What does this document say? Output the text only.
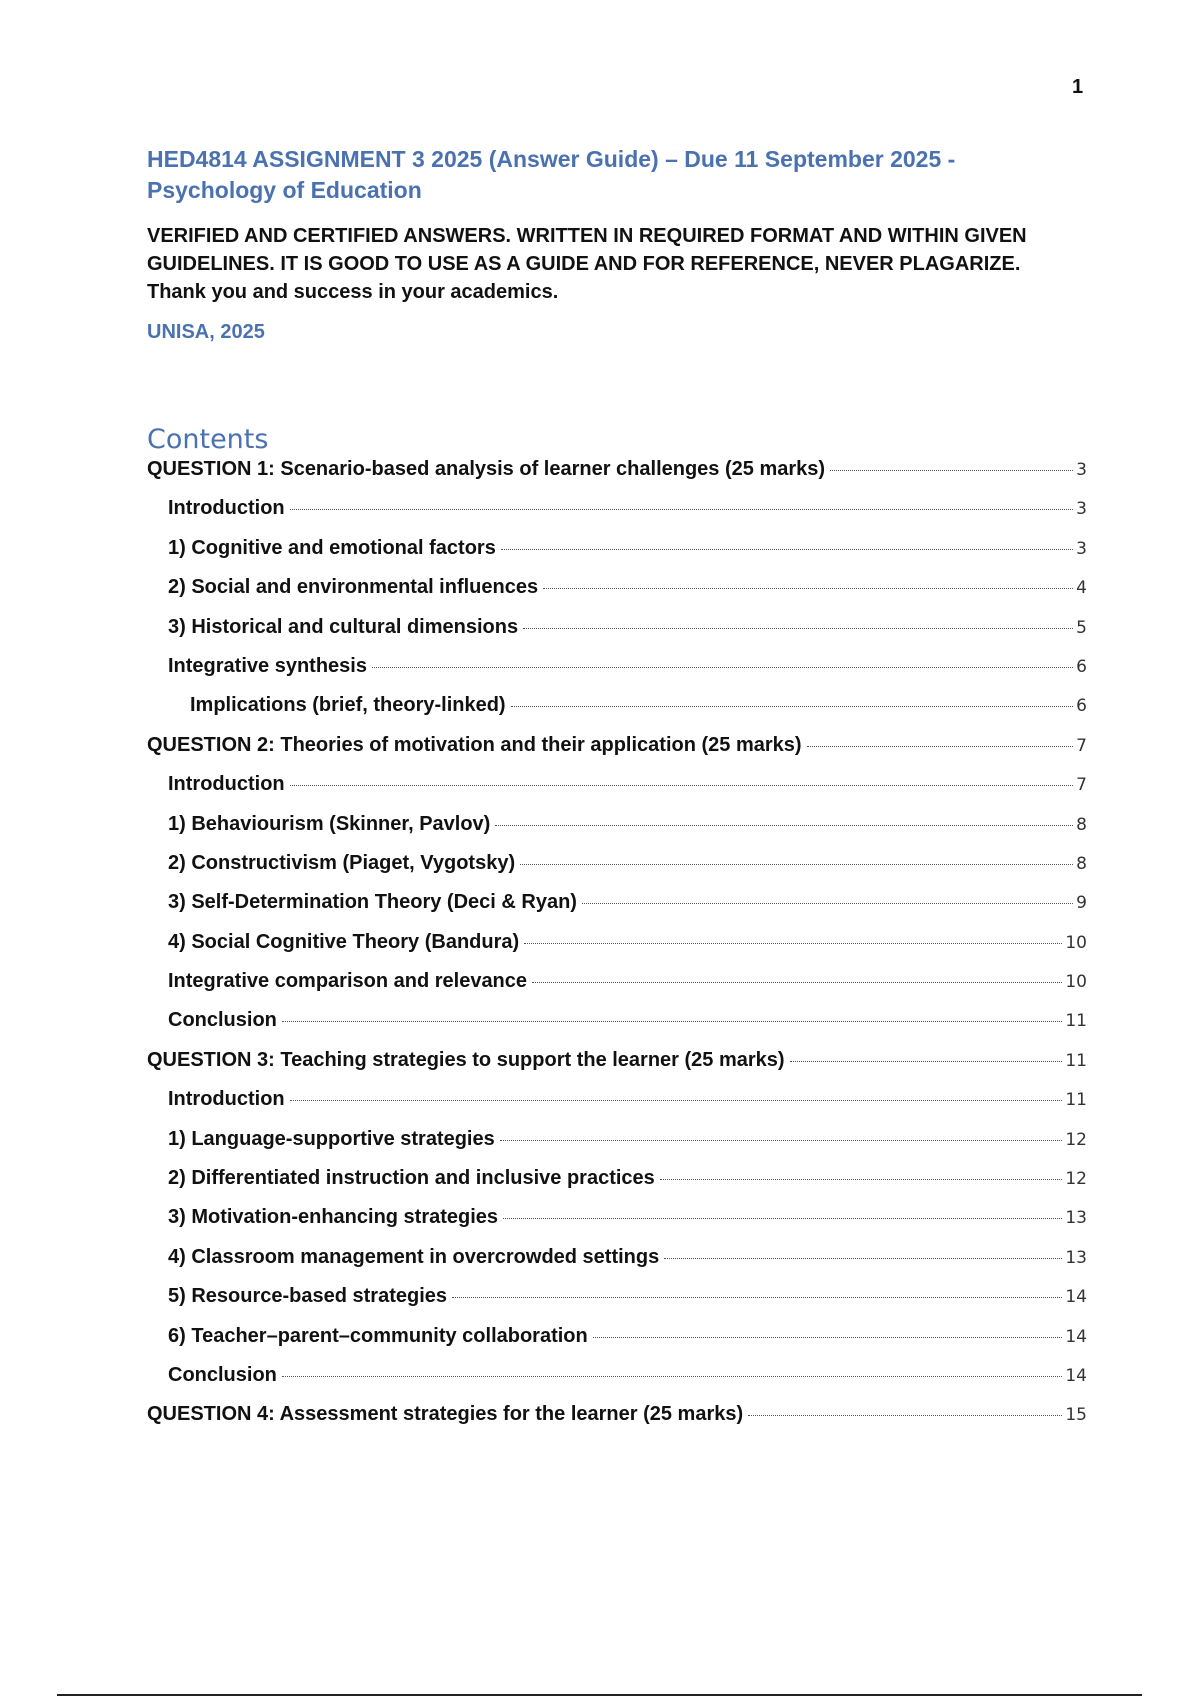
1
HED4814 ASSIGNMENT 3 2025 (Answer Guide) – Due 11 September 2025 - Psychology of Education
VERIFIED AND CERTIFIED ANSWERS. WRITTEN IN REQUIRED FORMAT AND WITHIN GIVEN GUIDELINES. IT IS GOOD TO USE AS A GUIDE AND FOR REFERENCE, NEVER PLAGARIZE. Thank you and success in your academics.
UNISA, 2025
Contents
QUESTION 1: Scenario-based analysis of learner challenges (25 marks)	3
Introduction	3
1) Cognitive and emotional factors	3
2) Social and environmental influences	4
3) Historical and cultural dimensions	5
Integrative synthesis	6
Implications (brief, theory-linked)	6
QUESTION 2: Theories of motivation and their application (25 marks)	7
Introduction	7
1) Behaviourism (Skinner, Pavlov)	8
2) Constructivism (Piaget, Vygotsky)	8
3) Self-Determination Theory (Deci & Ryan)	9
4) Social Cognitive Theory (Bandura)	10
Integrative comparison and relevance	10
Conclusion	11
QUESTION 3: Teaching strategies to support the learner (25 marks)	11
Introduction	11
1) Language-supportive strategies	12
2) Differentiated instruction and inclusive practices	12
3) Motivation-enhancing strategies	13
4) Classroom management in overcrowded settings	13
5) Resource-based strategies	14
6) Teacher–parent–community collaboration	14
Conclusion	14
QUESTION 4: Assessment strategies for the learner (25 marks)	15
